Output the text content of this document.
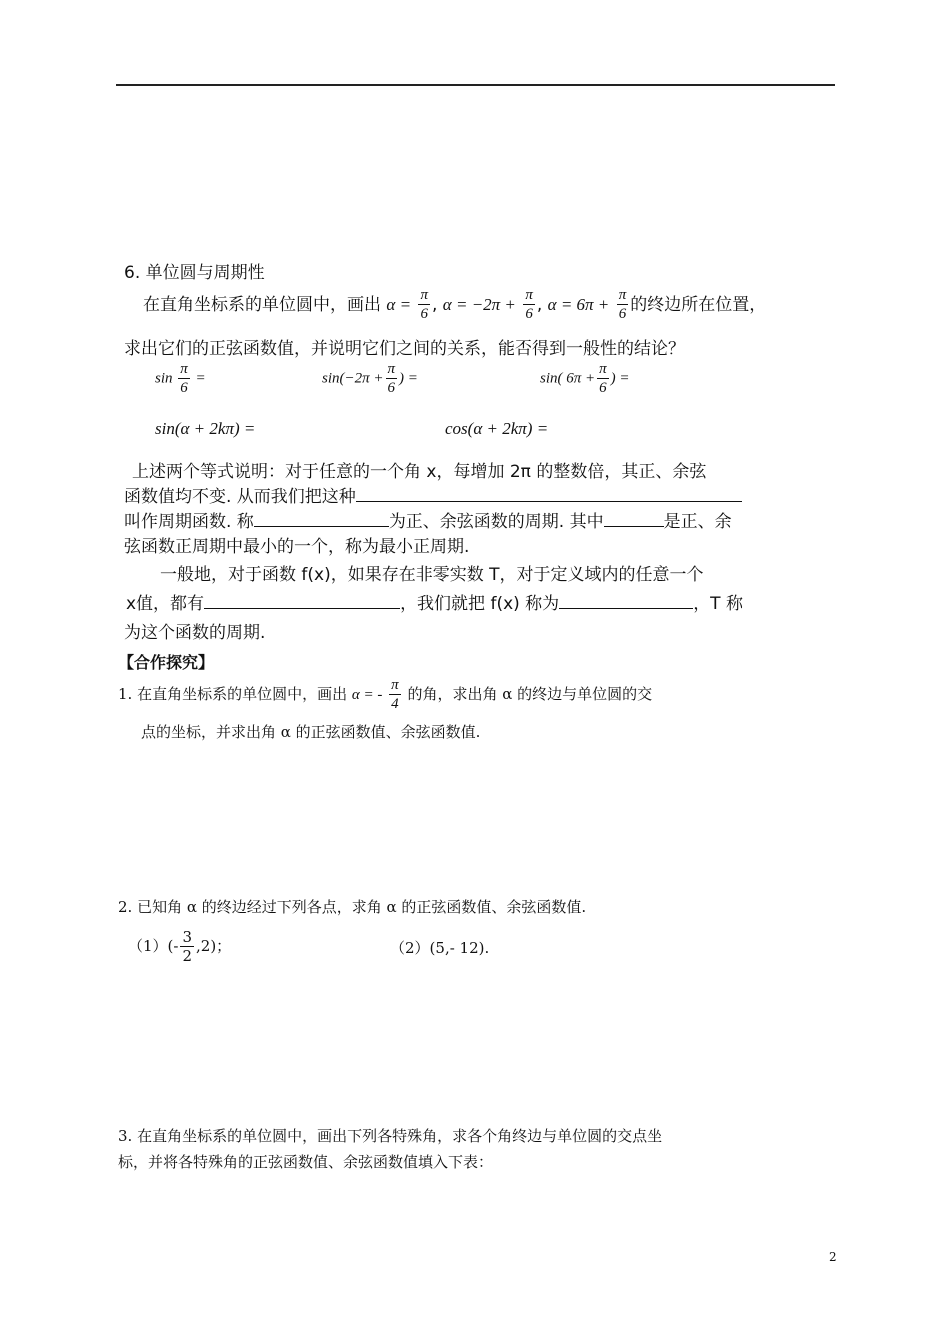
6. 单位圆与周期性
在直角坐标系的单位圆中，画出 $\alpha = \frac{\pi}{6}$ , $\alpha = -2\pi + \frac{\pi}{6}$ , $\alpha = 6\pi + \frac{\pi}{6}$ 的终边所在位置，
求出它们的正弦函数值，并说明它们之间的关系，能否得到一般性的结论？
$\sin \frac{\pi}{6}$ =	$\sin(-2\pi + \frac{\pi}{6}$ ) =	sin( $6\pi + \frac{\pi}{6}$ ) =
sin(α + 2kπ) =	cos(α + 2kπ) =
上述两个等式说明：对于任意的一个角 x，每增加 2π 的整数倍，其正、余弦
函数值均不变. 从而我们把这种
叫作周期函数. 称	为正、余弦函数的周期. 其中	是正、余
弦函数正周期中最小的一个，称为最小正周期.
一般地，对于函数 f(x)，如果存在非零实数 T，对于定义域内的任意一个
x值，都有	，我们就把 f(x) 称为	，T 称
为这个函数的周期.
【合作探究】
1. 在直角坐标系的单位圆中，画出 α = - $\frac{\pi}{4}$ 的角，求出角 α 的终边与单位圆的交
点的坐标，并求出角 α 的正弦函数值、余弦函数值.
2. 已知角 α 的终边经过下列各点，求角 α 的正弦函数值、余弦函数值.
$(1)(- \frac{3}{2} ,2)$；	（2）(5,- 12).
3. 在直角坐标系的单位圆中，画出下列各特殊角，求各个角终边与单位圆的交点坐
标，并将各特殊角的正弦函数值、余弦函数值填入下表：
2
